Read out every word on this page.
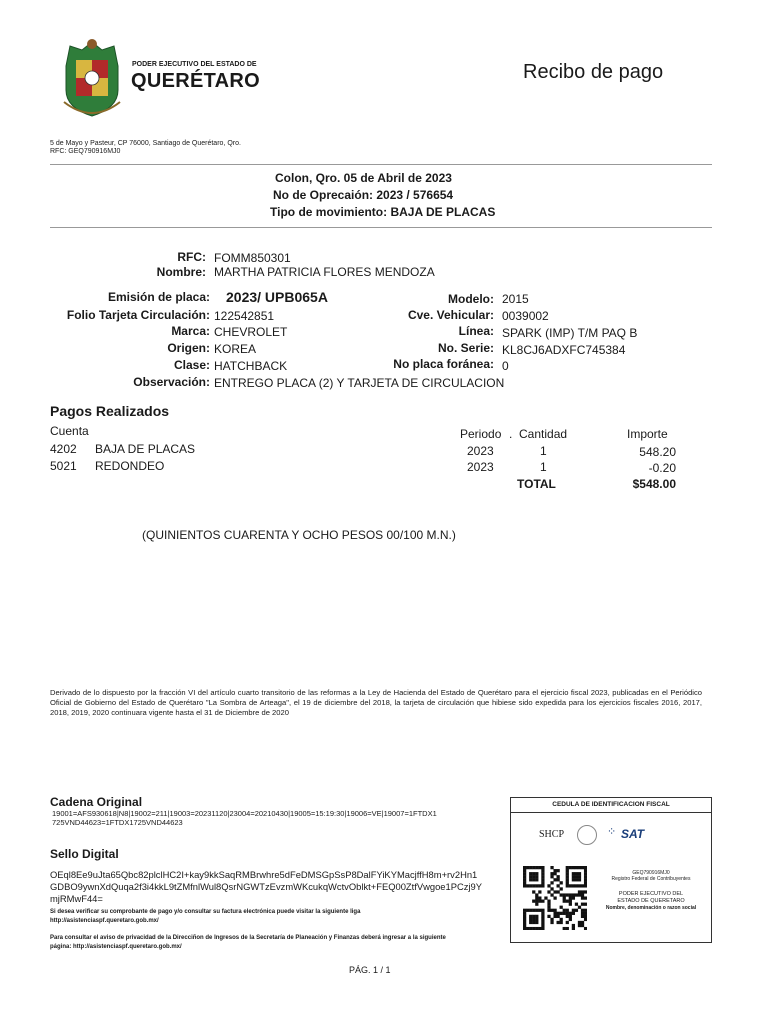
PODER EJECUTIVO DEL ESTADO DE
QUERÉTARO	Recibo de pago
5 de Mayo y Pasteur, CP 76000, Santiago de Querétaro, Qro.
RFC: GEQ790916MJ0
Colon, Qro. 05 de Abril de 2023
No de Oprecaión: 2023 / 576654
Tipo de movimiento: BAJA DE PLACAS
RFC: FOMM850301
Nombre: MARTHA PATRICIA FLORES MENDOZA
Emisión de placa: 2023/ UPB065A
Folio Tarjeta Circulación: 122542851
Marca: CHEVROLET
Origen: KOREA
Clase: HATCHBACK
Observación: ENTREGO PLACA (2) Y TARJETA DE CIRCULACION
Modelo: 2015
Cve. Vehicular: 0039002
Línea: SPARK (IMP) T/M PAQ B
No. Serie: KL8CJ6ADXFC745384
No placa foránea: 0
Pagos Realizados
Cuenta	Periodo . Cantidad	Importe
4202 BAJA DE PLACAS	2023	1	548.20
5021 REDONDEO	2023	1	-0.20
TOTAL	$548.00
(QUINIENTOS CUARENTA Y OCHO PESOS 00/100 M.N.)
Derivado de lo dispuesto por la fracción VI del artículo cuarto transitorio de las reformas a la Ley de Hacienda del Estado de Querétaro para el ejercicio fiscal 2023, publicadas en el Periódico Oficial de Gobierno del Estado de Querétaro "La Sombra de Arteaga", el 19 de diciembre del 2018, la tarjeta de circulación que hibiese sido expedida para los ejercicios fiscales 2016, 2017, 2018, 2019, 2020 continuara vigente hasta el 31 de Diciembre de 2020
Cadena Original
19001=AFS930618|N8|19002=211|19003=20231120|23004=20210430|19005=15:19:30|19006=VE|19007=1FTDX1
725VND44623=1FTDX1725VND44623
Sello Digital
OEql8Ee9uJta65Qbc82plclHC2I+kay9kkSaqRMBrwhre5dFeDMSGpSsP8DalFYiKYMacjffH8m+rv2Hn1
GDBO9ywnXdQuqa2f3i4kkL9tZMfnlWul8QsrNGWTzEvzmWKcukqWctvOblkt+FEQ00ZtfVwgoe1PCzj9Y
mjRMwF44=
Si desea verificar su comprobante de pago y/o consultar su factura electrónica puede visitar la siguiente liga
http://asistenciaspf.queretaro.gob.mx/
Para consultar el aviso de privacidad de la Direcciñon de Ingresos de la Secretaría de Planeación y Finanzas deberá ingresar a la siguiente
página: http://asistenciaspf.queretaro.gob.mx/
PÁG. 1 / 1
CEDULA DE IDENTIFICACION FISCAL
SHCP	⁘ SAT
GEQ790916MJ0
Registro Federal de Contribuyentes
PODER EJECUTIVO DEL
ESTADO DE QUERETARO
Nombre, denominación o razon social
